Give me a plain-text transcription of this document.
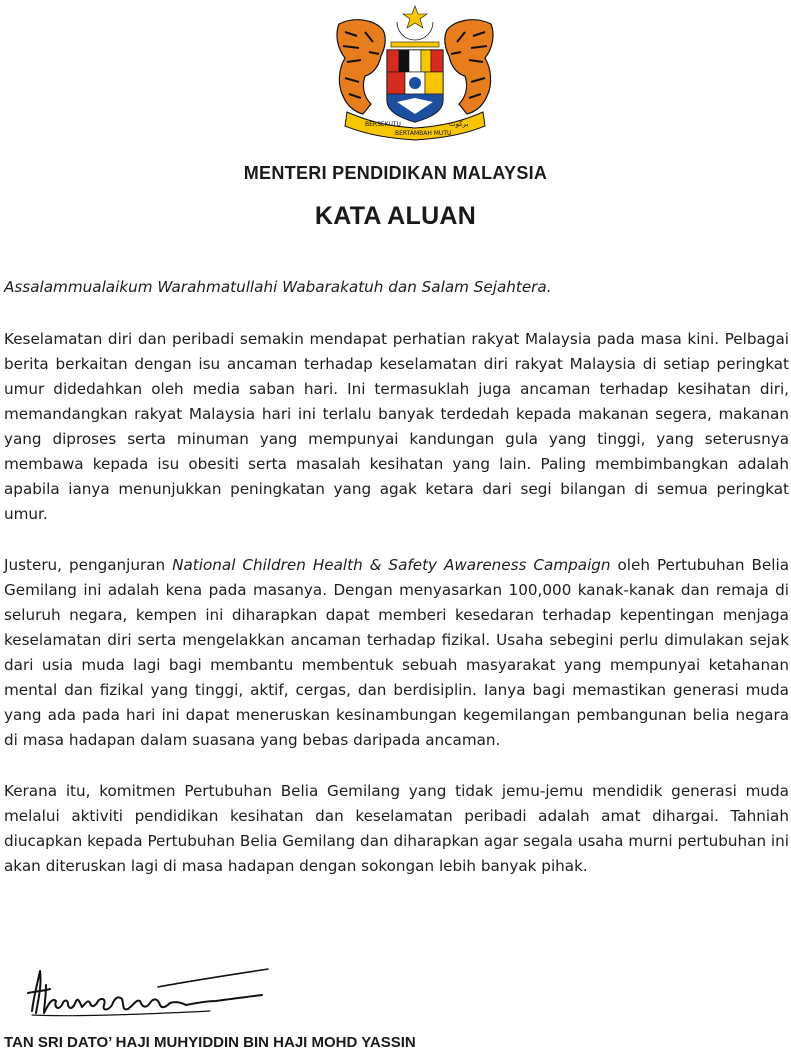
BERSEKUTU
BERTAMBAH MUTU
بركوت
MENTERI PENDIDIKAN MALAYSIA
KATA ALUAN

Assalammualaikum Warahmatullahi Wabarakatuh dan Salam Sejahtera.

Keselamatan diri dan peribadi semakin mendapat perhatian rakyat Malaysia pada masa kini. Pelbagai berita berkaitan dengan isu ancaman terhadap keselamatan diri rakyat Malaysia di setiap peringkat umur didedahkan oleh media saban hari. Ini termasuklah juga ancaman terhadap kesihatan diri, memandangkan rakyat Malaysia hari ini terlalu banyak terdedah kepada makanan segera, makanan yang diproses serta minuman yang mempunyai kandungan gula yang tinggi, yang seterusnya membawa kepada isu obesiti serta masalah kesihatan yang lain. Paling membimbangkan adalah apabila ianya menunjukkan peningkatan yang agak ketara dari segi bilangan di semua peringkat umur.

Justeru, penganjuran National Children Health & Safety Awareness Campaign oleh Pertubuhan Belia Gemilang ini adalah kena pada masanya. Dengan menyasarkan 100,000 kanak-kanak dan remaja di seluruh negara, kempen ini diharapkan dapat memberi kesedaran terhadap kepentingan menjaga keselamatan diri serta mengelakkan ancaman terhadap fizikal. Usaha sebegini perlu dimulakan sejak dari usia muda lagi bagi membantu membentuk sebuah masyarakat yang mempunyai ketahanan mental dan fizikal yang tinggi, aktif, cergas, dan berdisiplin. Ianya bagi memastikan generasi muda yang ada pada hari ini dapat meneruskan kesinambungan kegemilangan pembangunan belia negara di masa hadapan dalam suasana yang bebas daripada ancaman.

Kerana itu, komitmen Pertubuhan Belia Gemilang yang tidak jemu-jemu mendidik generasi muda melalui aktiviti pendidikan kesihatan dan keselamatan peribadi adalah amat dihargai. Tahniah diucapkan kepada Pertubuhan Belia Gemilang dan diharapkan agar segala usaha murni pertubuhan ini akan diteruskan lagi di masa hadapan dengan sokongan lebih banyak pihak.

TAN SRI DATO’ HAJI MUHYIDDIN BIN HAJI MOHD YASSIN
